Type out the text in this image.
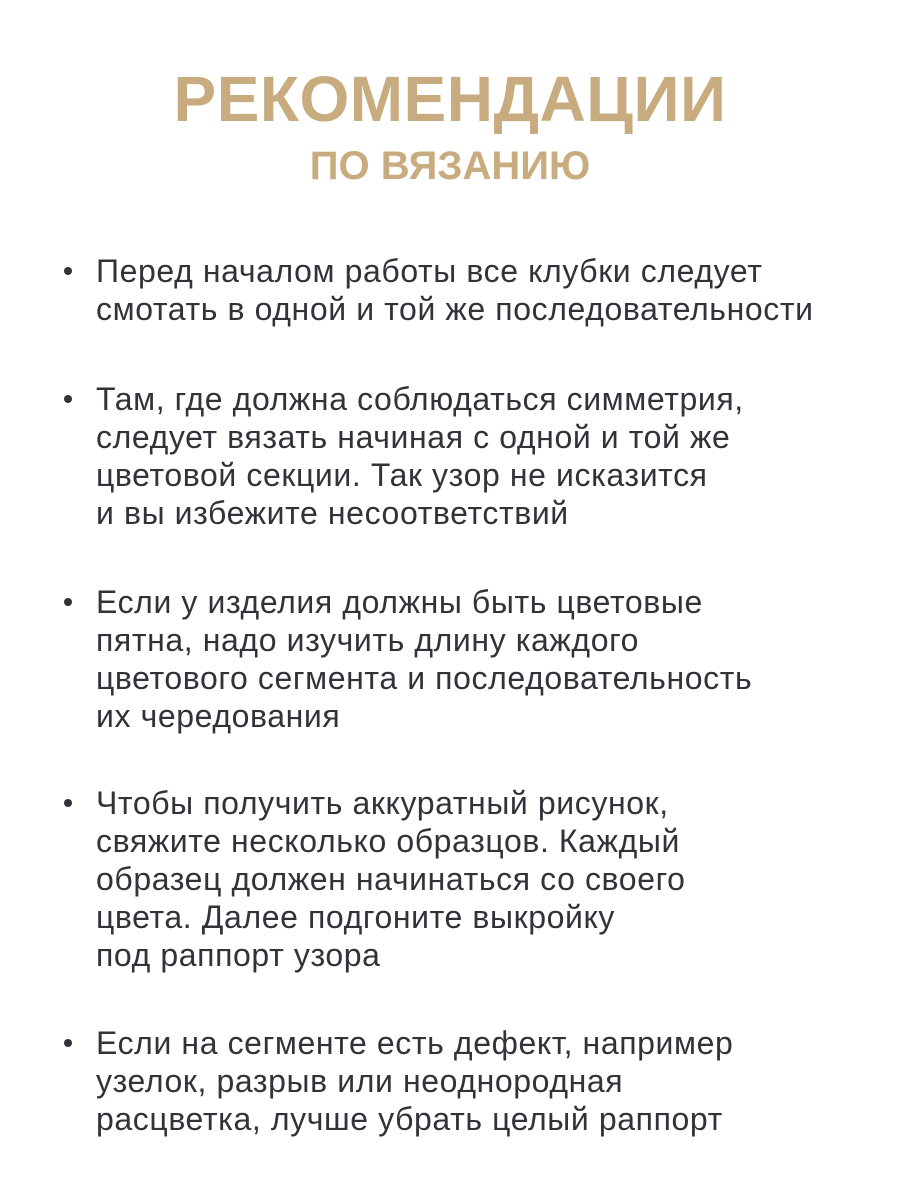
РЕКОМЕНДАЦИИ
ПО ВЯЗАНИЮ
Перед началом работы все клубки следует
смотать в одной и той же последовательности
Там, где должна соблюдаться симметрия,
следует вязать начиная с одной и той же
цветовой секции. Так узор не исказится
и вы избежите несоответствий
Если у изделия должны быть цветовые
пятна, надо изучить длину каждого
цветового сегмента и последовательность
их чередования
Чтобы получить аккуратный рисунок,
свяжите несколько образцов. Каждый
образец должен начинаться со своего
цвета. Далее подгоните выкройку
под раппорт узора
Если на сегменте есть дефект, например
узелок, разрыв или неоднородная
расцветка, лучше убрать целый раппорт
